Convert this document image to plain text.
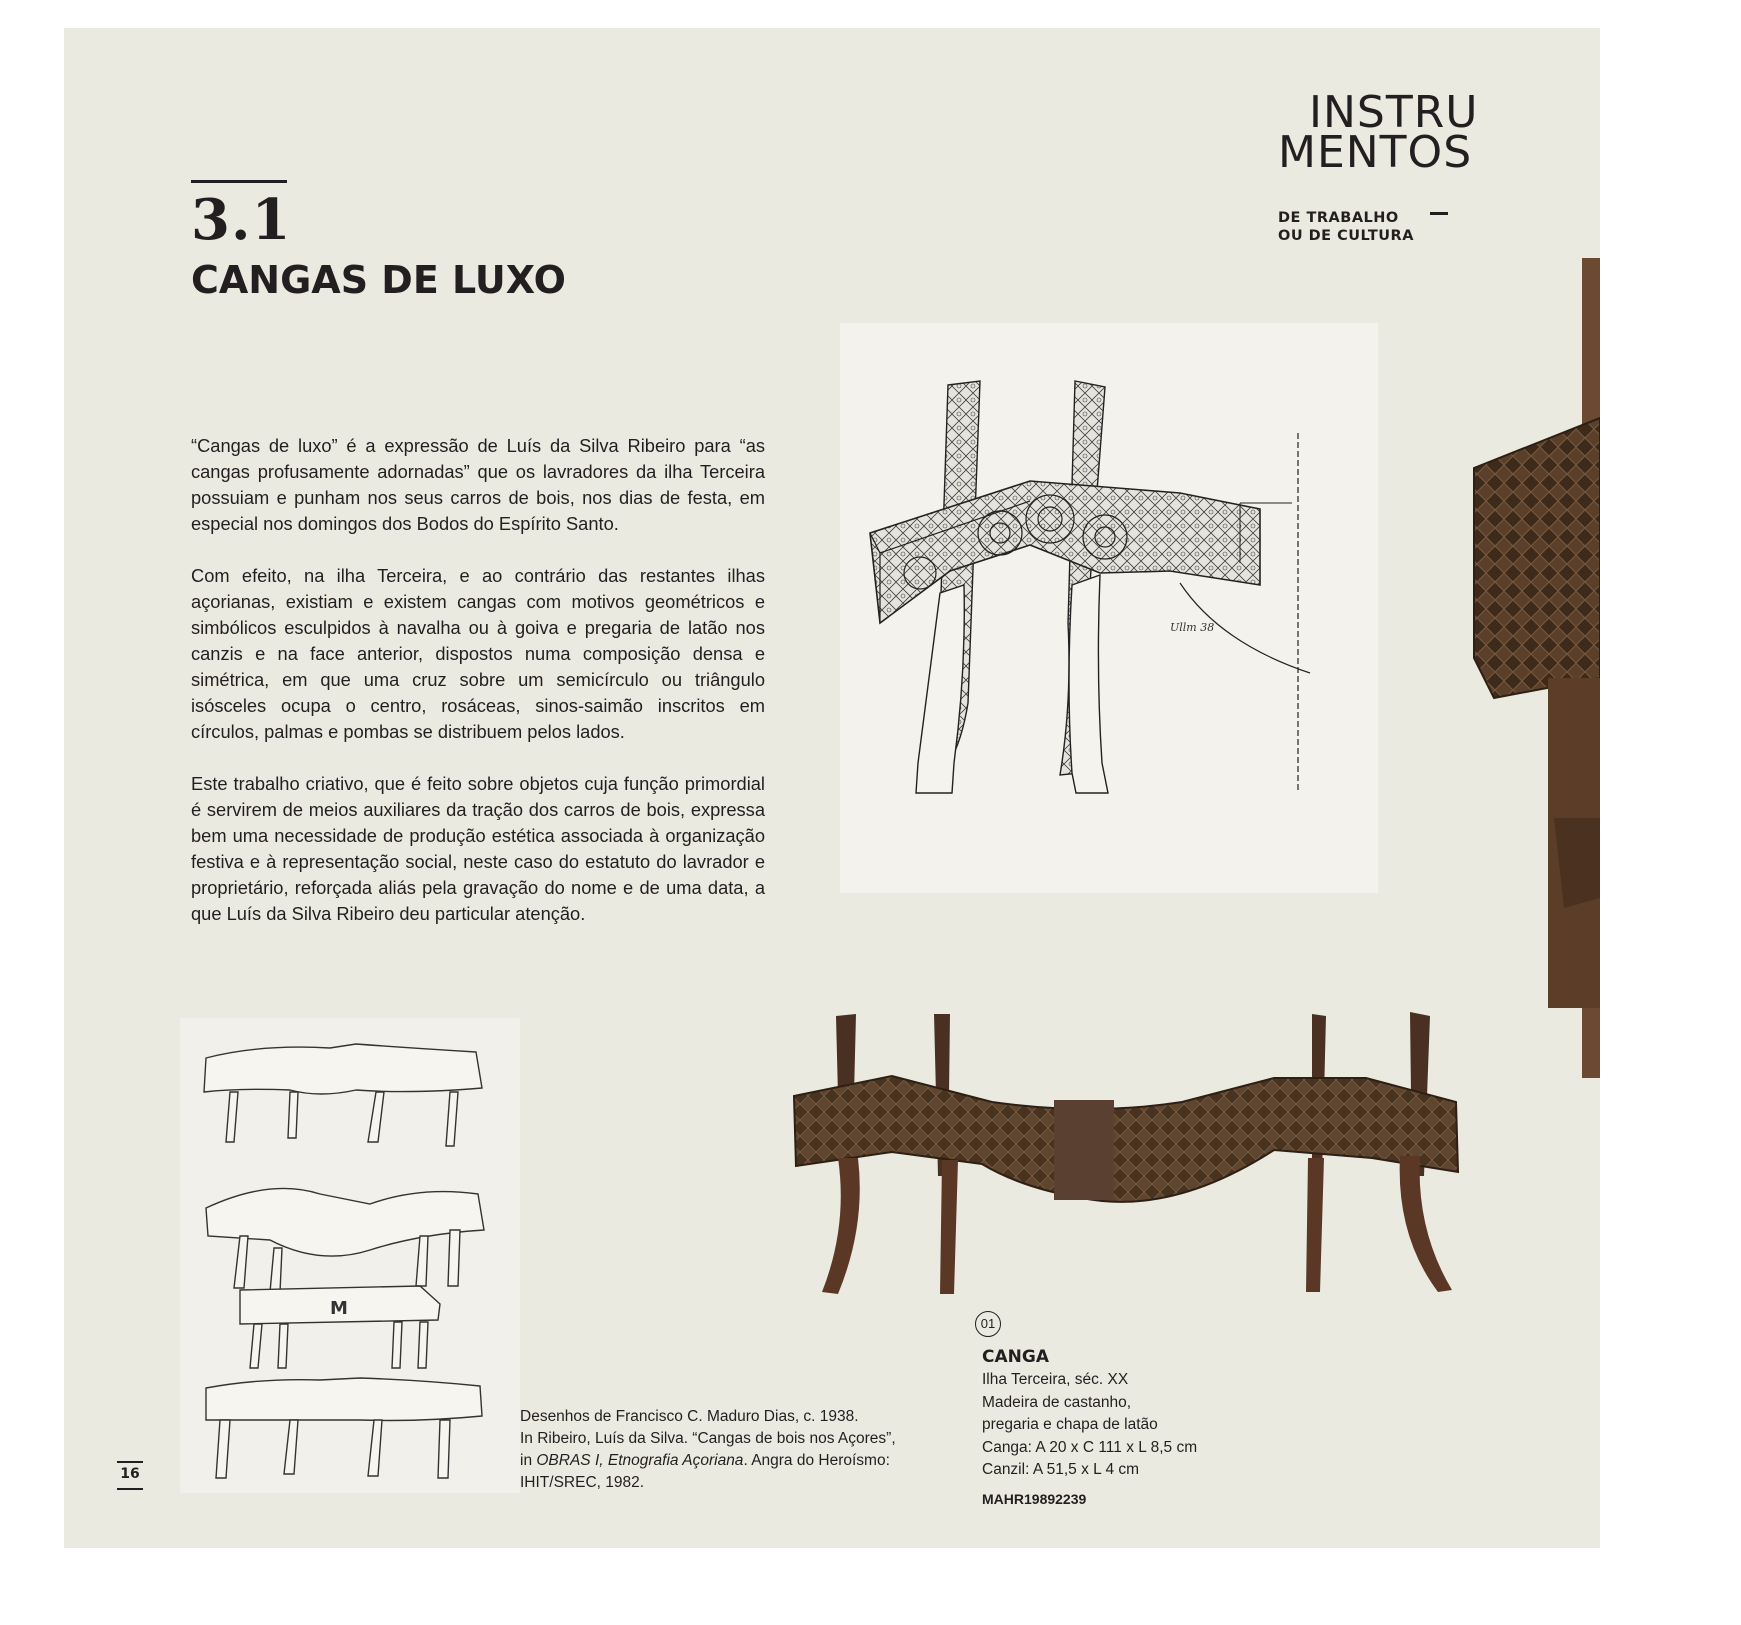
INSTRU
MENTOS
DE TRABALHO
OU DE CULTURA
3.1
CANGAS DE LUXO

“Cangas de luxo” é a expressão de Luís da Silva Ribeiro para “as cangas profusamente adornadas” que os lavradores da ilha Terceira possuiam e punham nos seus carros de bois, nos dias de festa, em especial nos domingos dos Bodos do Espírito Santo.

Com efeito, na ilha Terceira, e ao contrário das restantes ilhas açorianas, existiam e existem cangas com motivos geométricos e simbólicos esculpidos à navalha ou à goiva e pregaria de latão nos canzis e na face anterior, dispostos numa composição densa e simétrica, em que uma cruz sobre um semicírculo ou triângulo isósceles ocupa o centro, rosáceas, sinos-saimão inscritos em círculos, palmas e pombas se distribuem pelos lados.

Este trabalho criativo, que é feito sobre objetos cuja função primordial é servirem de meios auxiliares da tração dos carros de bois, expressa bem uma necessidade de produção estética associada à organização festiva e à representação social, neste caso do estatuto do lavrador e proprietário, reforçada aliás pela gravação do nome e de uma data, a que Luís da Silva Ribeiro deu particular atenção.

Ullm 38
M
Desenhos de Francisco C. Maduro Dias, c. 1938.
In Ribeiro, Luís da Silva. “Cangas de bois nos Açores”,
in OBRAS I, Etnografia Açoriana. Angra do Heroísmo:
IHIT/SREC, 1982.
01
CANGA
Ilha Terceira, séc. XX
Madeira de castanho,
pregaria e chapa de latão
Canga: A 20 x C 111 x L 8,5 cm
Canzil: A 51,5 x L 4 cm
MAHR19892239
16
